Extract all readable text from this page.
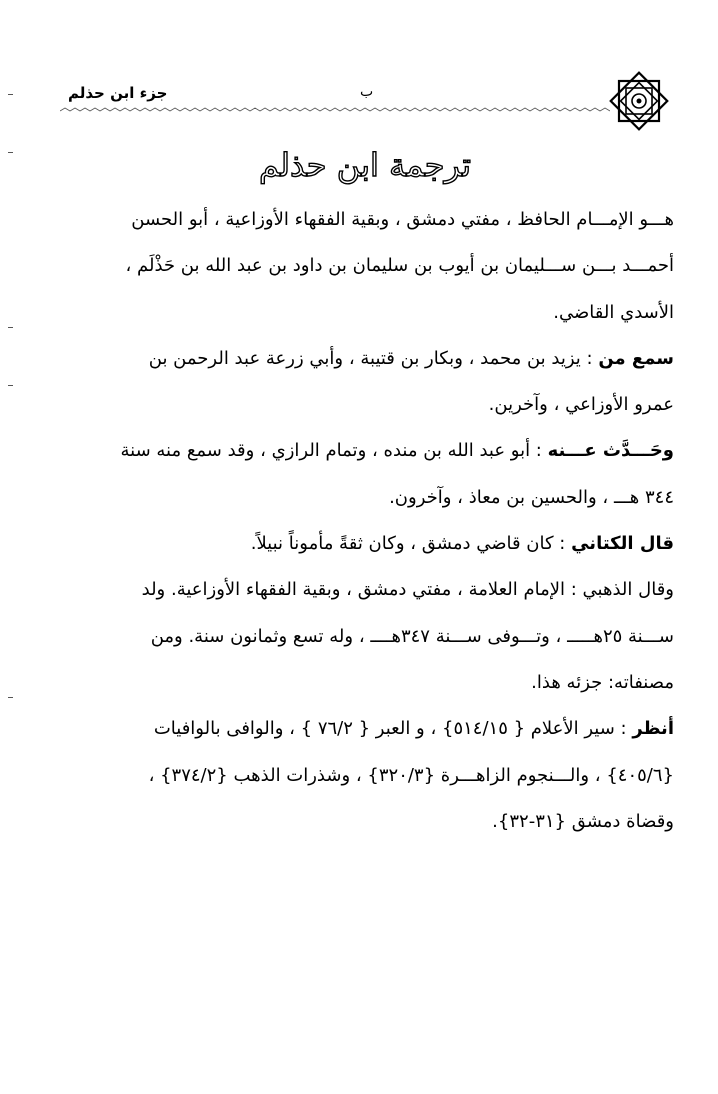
جزء ابن حذلم	ب
ترجمة ابن حذلم
هـــو الإمـــام الحافظ ، مفتي دمشق ، وبقية الفقهاء الأوزاعية ، أبو الحسن
أحمـــد بـــن ســـليمان بن أيوب بن سليمان بن داود بن عبد الله بن حَذْلَم ،
الأسدي القاضي.
سمع من : يزيد بن محمد ، وبكار بن قتيبة ، وأبي زرعة عبد الرحمن بن
عمرو الأوزاعي ، وآخرين.
وحَـــدَّث عـــنه : أبو عبد الله بن منده ، وتمام الرازي ، وقد سمع منه سنة
٣٤٤ هـــ ، والحسين بن معاذ ، وآخرون.
قال الكتاني : كان قاضي دمشق ، وكان ثقةً مأموناً نبيلاً.
وقال الذهبي : الإمام العلامة ، مفتي دمشق ، وبقية الفقهاء الأوزاعية. ولد
ســـنة ٢٥هـــــ ، وتـــوفى ســـنة ٣٤٧هــــ ، وله تسع وثمانون سنة. ومن
مصنفاته: جزئه هذا.
أنظر : سير الأعلام { ٥١٤/١٥} ، و العبر { ٧٦/٢ } ، والوافى بالوافيات
{٤٠٥/٦} ، والـــنجوم الزاهـــرة {٣٢٠/٣} ، وشذرات الذهب {٣٧٤/٢} ،
وقضاة دمشق {٣١-٣٢}.
